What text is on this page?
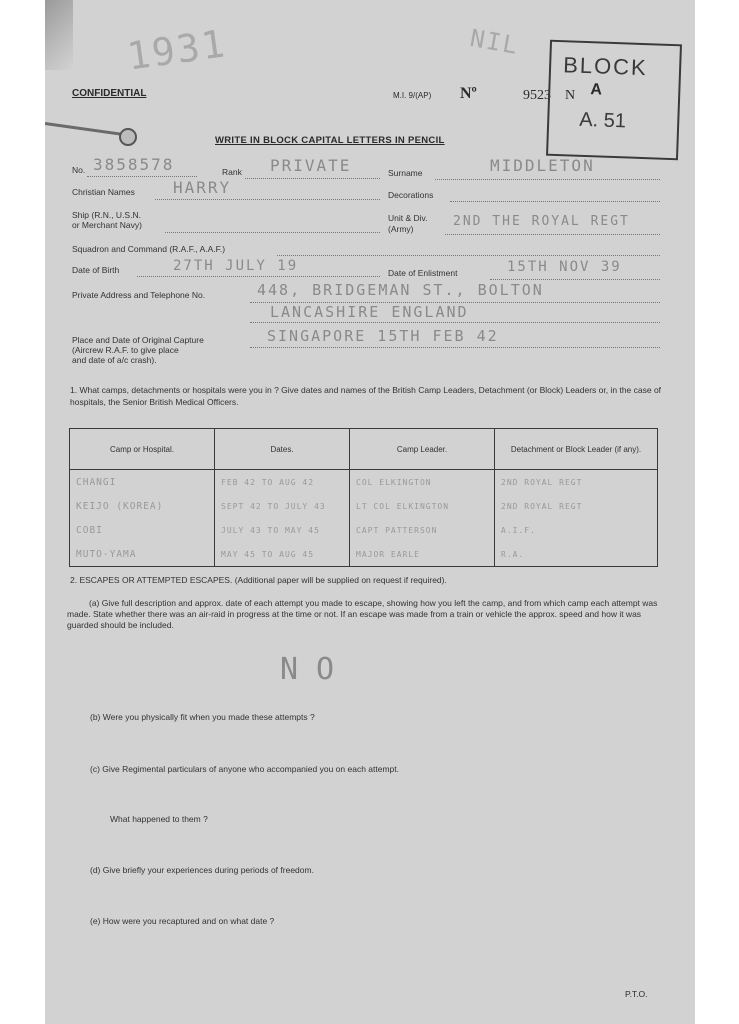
1931	NIL
CONFIDENTIAL	M.I. 9/(AP) Nº	9523 N
BLOCK
A
A. 51
WRITE IN BLOCK CAPITAL LETTERS IN PENCIL
No. 3858578	Rank PRIVATE	Surname	MIDDLETON
Christian Names HARRY	Decorations
Ship (R.N., U.S.N.
or Merchant Navy)
Unit & Div.
(Army)	2ND THE ROYAL REGT
Squadron and Command (R.A.F., A.A.F.)
Date of Birth	27TH JULY 19	Date of Enlistment	15TH NOV 39
Private Address and Telephone No.	448, BRIDGEMAN ST., BOLTON
LANCASHIRE ENGLAND
Place and Date of Original Capture
(Aircrew R.A.F. to give place
and date of a/c crash).
SINGAPORE 15TH FEB 42
1. What camps, detachments or hospitals were you in ? Give dates and names of the British Camp Leaders, Detachment (or Block) Leaders or, in the case of hospitals, the Senior British Medical Officers.
Camp or Hospital.	Dates.	Camp Leader.	Detachment or Block Leader (if any).
CHANGI	FEB 42 TO AUG 42	COL ELKINGTON	2ND ROYAL REGT
KEIJO (KOREA)	SEPT 42 TO JULY 43	LT COL ELKINGTON	2ND ROYAL REGT
COBI	JULY 43 TO MAY 45	CAPT PATTERSON	A.I.F.
MUTO-YAMA	MAY 45 TO AUG 45	MAJOR EARLE	R.A.
2. ESCAPES OR ATTEMPTED ESCAPES. (Additional paper will be supplied on request if required).
(a) Give full description and approx. date of each attempt you made to escape, showing how you left the camp, and from which camp each attempt was made. State whether there was an air-raid in progress at the time or not. If an escape was made from a train or vehicle the approx. speed and how it was guarded should be included.
NO
(b) Were you physically fit when you made these attempts ?
(c) Give Regimental particulars of anyone who accompanied you on each attempt.
What happened to them ?
(d) Give briefly your experiences during periods of freedom.
(e) How were you recaptured and on what date ?
P.T.O.
